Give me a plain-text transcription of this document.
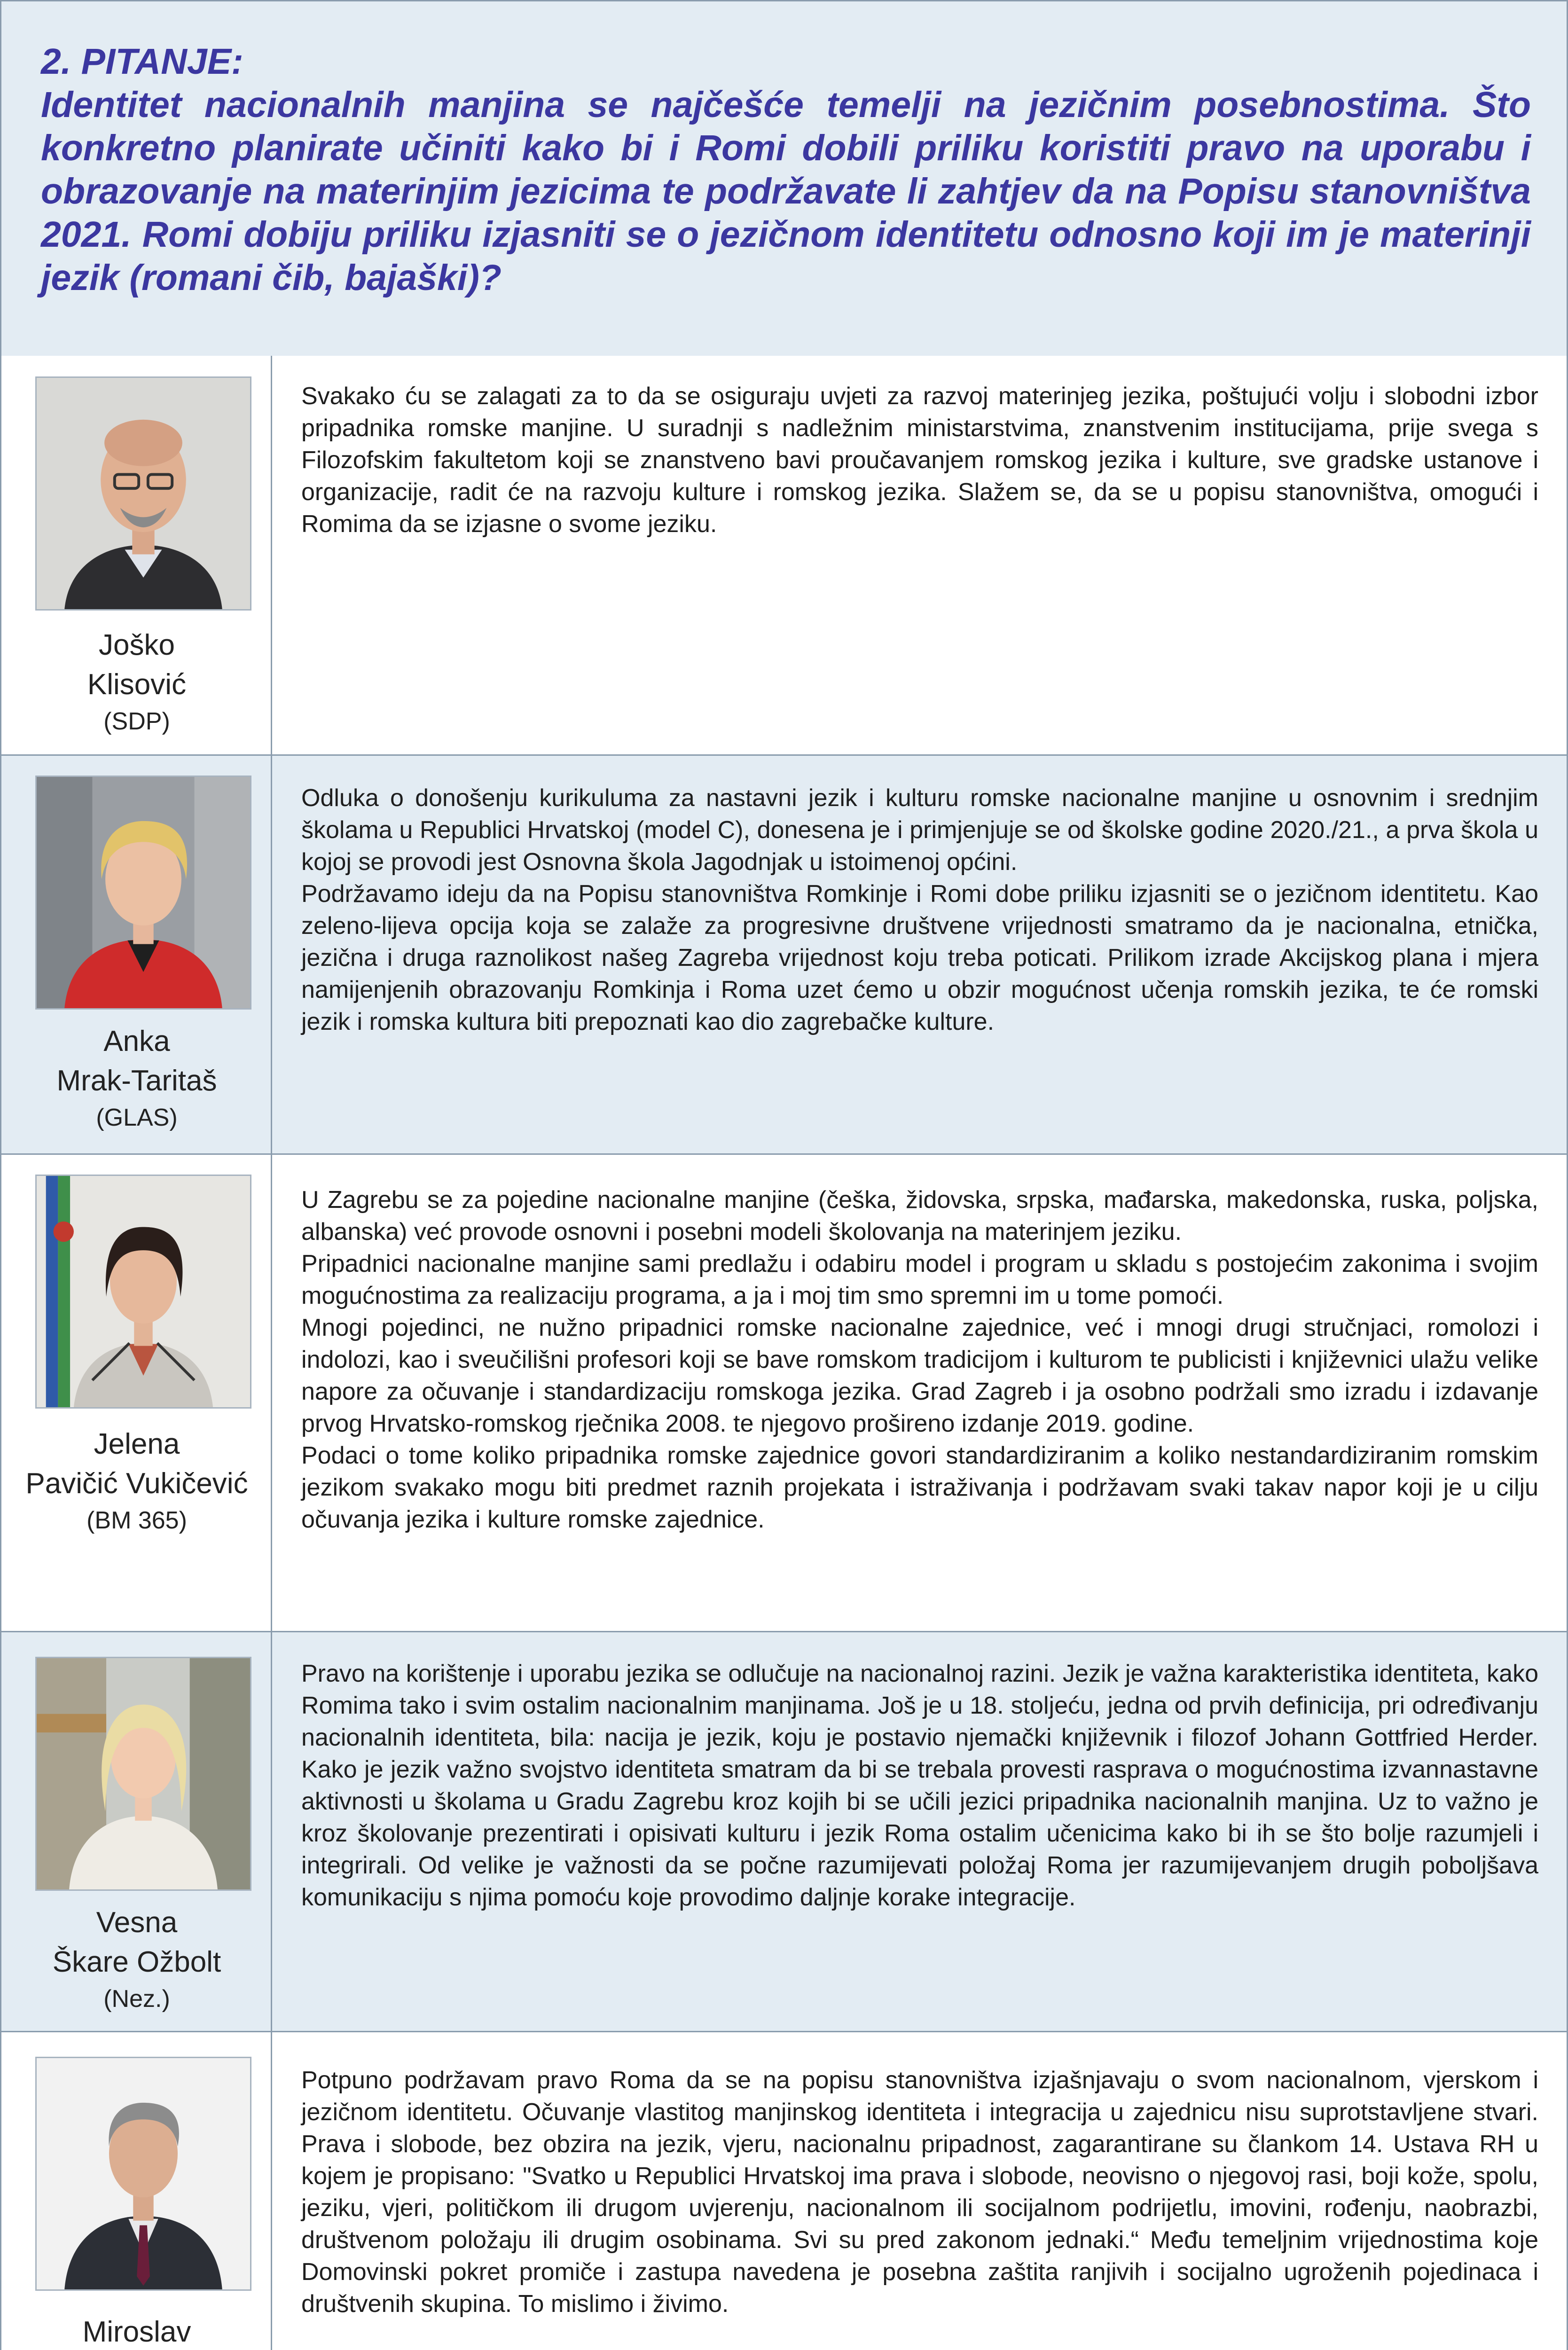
2. PITANJE:
Identitet nacionalnih manjina se najčešće temelji na jezičnim posebnostima. Što konkretno planirate učiniti kako bi i Romi dobili priliku koristiti pravo na uporabu i obrazovanje na materinjim jezicima te podržavate li zahtjev da na Popisu stanovništva 2021. Romi dobiju priliku izjasniti se o jezičnom identitetu odnosno koji im je materinji jezik (romani čib, bajaški)?

Joško
Klisović
(SDP)
Svakako ću se zalagati za to da se osiguraju uvjeti za razvoj materinjeg jezika, poštujući volju i slobodni izbor pripadnika romske manjine. U suradnji s nadležnim ministarstvima, znanstvenim institucijama, prije svega s Filozofskim fakultetom koji se znanstveno bavi proučavanjem romskog jezika i kulture, sve gradske ustanove i organizacije, radit će na razvoju kulture i romskog jezika. Slažem se, da se u popisu stanovništva, omogući i Romima da se izjasne o svome jeziku.
Anka
Mrak-Taritaš
(GLAS)
Odluka o donošenju kurikuluma za nastavni jezik i kulturu romske nacionalne manjine u osnovnim i srednjim školama u Republici Hrvatskoj (model C), donesena je i primjenjuje se od školske godine 2020./21., a prva škola u kojoj se provodi jest Osnovna škola Jagodnjak u istoimenoj općini.
Podržavamo ideju da na Popisu stanovništva Romkinje i Romi dobe priliku izjasniti se o jezičnom identitetu. Kao zeleno-lijeva opcija koja se zalaže za progresivne društvene vrijednosti smatramo da je nacionalna, etnička, jezična i druga raznolikost našeg Zagreba vrijednost koju treba poticati. Prilikom izrade Akcijskog plana i mjera namijenjenih obrazovanju Romkinja i Roma uzet ćemo u obzir mogućnost učenja romskih jezika, te će romski jezik i romska kultura biti prepoznati kao dio zagrebačke kulture.
Jelena
Pavičić Vukičević
(BM 365)
U Zagrebu se za pojedine nacionalne manjine (češka, židovska, srpska, mađarska, makedonska, ruska, poljska, albanska) već provode osnovni i posebni modeli školovanja na materinjem jeziku.
Pripadnici nacionalne manjine sami predlažu i odabiru model i program u skladu s postojećim zakonima i svojim mogućnostima za realizaciju programa, a ja i moj tim smo spremni im u tome pomoći.
Mnogi pojedinci, ne nužno pripadnici romske nacionalne zajednice, već i mnogi drugi stručnjaci, romolozi i indolozi, kao i sveučilišni profesori koji se bave romskom tradicijom i kulturom te publicisti i književnici ulažu velike napore za očuvanje i standardizaciju romskoga jezika. Grad Zagreb i ja osobno podržali smo izradu i izdavanje prvog Hrvatsko-romskog rječnika 2008. te njegovo prošireno izdanje 2019. godine.
Podaci o tome koliko pripadnika romske zajednice govori standardiziranim a koliko nestandardiziranim romskim jezikom svakako mogu biti predmet raznih projekata i istraživanja i podržavam svaki takav napor koji je u cilju očuvanja jezika i kulture romske zajednice.
Vesna
Škare Ožbolt
(Nez.)
Pravo na korištenje i uporabu jezika se odlučuje na nacionalnoj razini. Jezik je važna karakteristika identiteta, kako Romima tako i svim ostalim nacionalnim manjinama. Još je u 18. stoljeću, jedna od prvih definicija, pri određivanju nacionalnih identiteta, bila: nacija je jezik, koju je postavio njemački književnik i filozof Johann Gottfried Herder. Kako je jezik važno svojstvo identiteta smatram da bi se trebala provesti rasprava o mogućnostima izvannastavne aktivnosti u školama u Gradu Zagrebu kroz kojih bi se učili jezici pripadnika nacionalnih manjina. Uz to važno je kroz školovanje prezentirati i opisivati kulturu i jezik Roma ostalim učenicima kako bi ih se što bolje razumjeli i integrirali. Od velike je važnosti da se počne razumijevati položaj Roma jer razumijevanjem drugih poboljšava komunikaciju s njima pomoću koje provodimo daljnje korake integracije.
Miroslav
Potpuno podržavam pravo Roma da se na popisu stanovništva izjašnjavaju o svom nacionalnom, vjerskom i jezičnom identitetu. Očuvanje vlastitog manjinskog identiteta i integracija u zajednicu nisu suprotstavljene stvari. Prava i slobode, bez obzira na jezik, vjeru, nacionalnu pripadnost, zagarantirane su člankom 14. Ustava RH u kojem je propisano: "Svatko u Republici Hrvatskoj ima prava i slobode, neovisno o njegovoj rasi, boji kože, spolu, jeziku, vjeri, političkom ili drugom uvjerenju, nacionalnom ili socijalnom podrijetlu, imovini, rođenju, naobrazbi, društvenom položaju ili drugim osobinama. Svi su pred zakonom jednaki.“ Među temeljnim vrijednostima koje Domovinski pokret promiče i zastupa navedena je posebna zaštita ranjivih i socijalno ugroženih pojedinaca i društvenih skupina. To mislimo i živimo.
